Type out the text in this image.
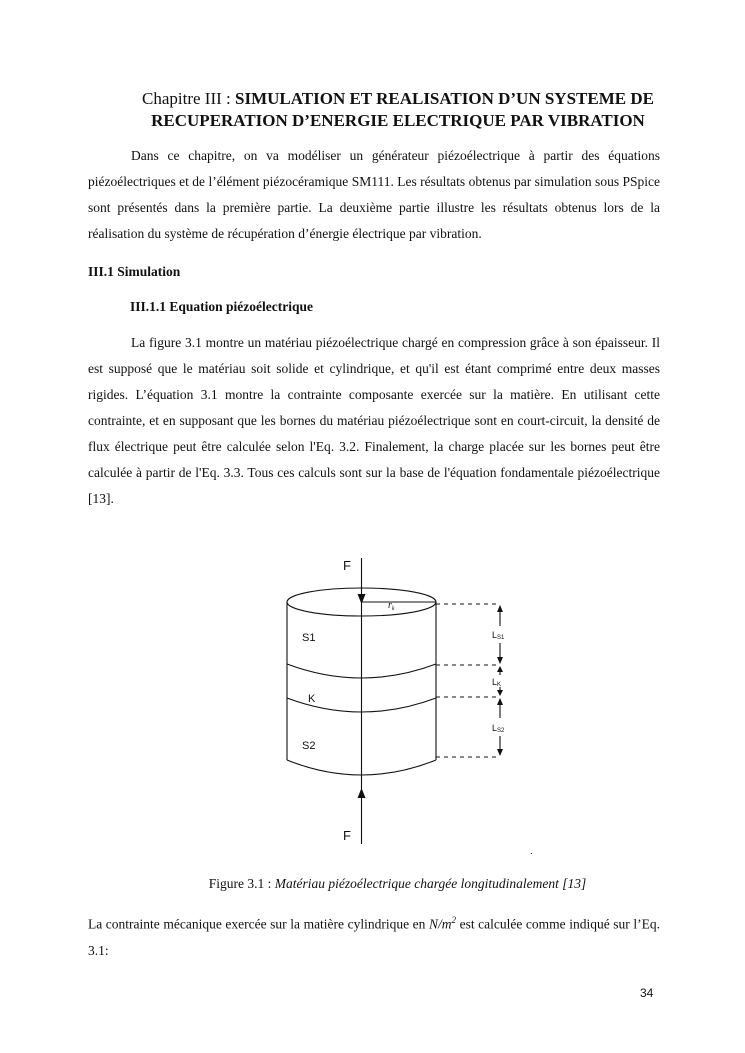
Chapitre III : SIMULATION ET REALISATION D’UN SYSTEME DE
RECUPERATION D’ENERGIE ELECTRIQUE PAR VIBRATION

Dans ce chapitre, on va modéliser un générateur piézoélectrique à partir des équations piézoélectriques et de l’élément piézocéramique SM111. Les résultats obtenus par simulation sous PSpice sont présentés dans la première partie. La deuxième partie illustre les résultats obtenus lors de la réalisation du système de récupération d’énergie électrique par vibration.

III.1 Simulation
III.1.1 Equation piézoélectrique

La figure 3.1 montre un matériau piézoélectrique chargé en compression grâce à son épaisseur. Il est supposé que le matériau soit solide et cylindrique, et qu'il est étant comprimé entre deux masses rigides. L’équation 3.1 montre la contrainte composante exercée sur la matière. En utilisant cette contrainte, et en supposant que les bornes du matériau piézoélectrique sont en court-circuit, la densité de flux électrique peut être calculée selon l'Eq. 3.2. Finalement, la charge placée sur les bornes peut être calculée à partir de l'Eq. 3.3. Tous ces calculs sont sur la base de l'équation fondamentale piézoélectrique [13].

F
F
S1
K
S2
LS1
LK
LS2
.
$r_k$
Figure 3.1 : Matériau piézoélectrique chargée longitudinalement [13]

La contrainte mécanique exercée sur la matière cylindrique en $N/m^2$ est calculée comme indiqué sur l’Eq. 3.1:

34
